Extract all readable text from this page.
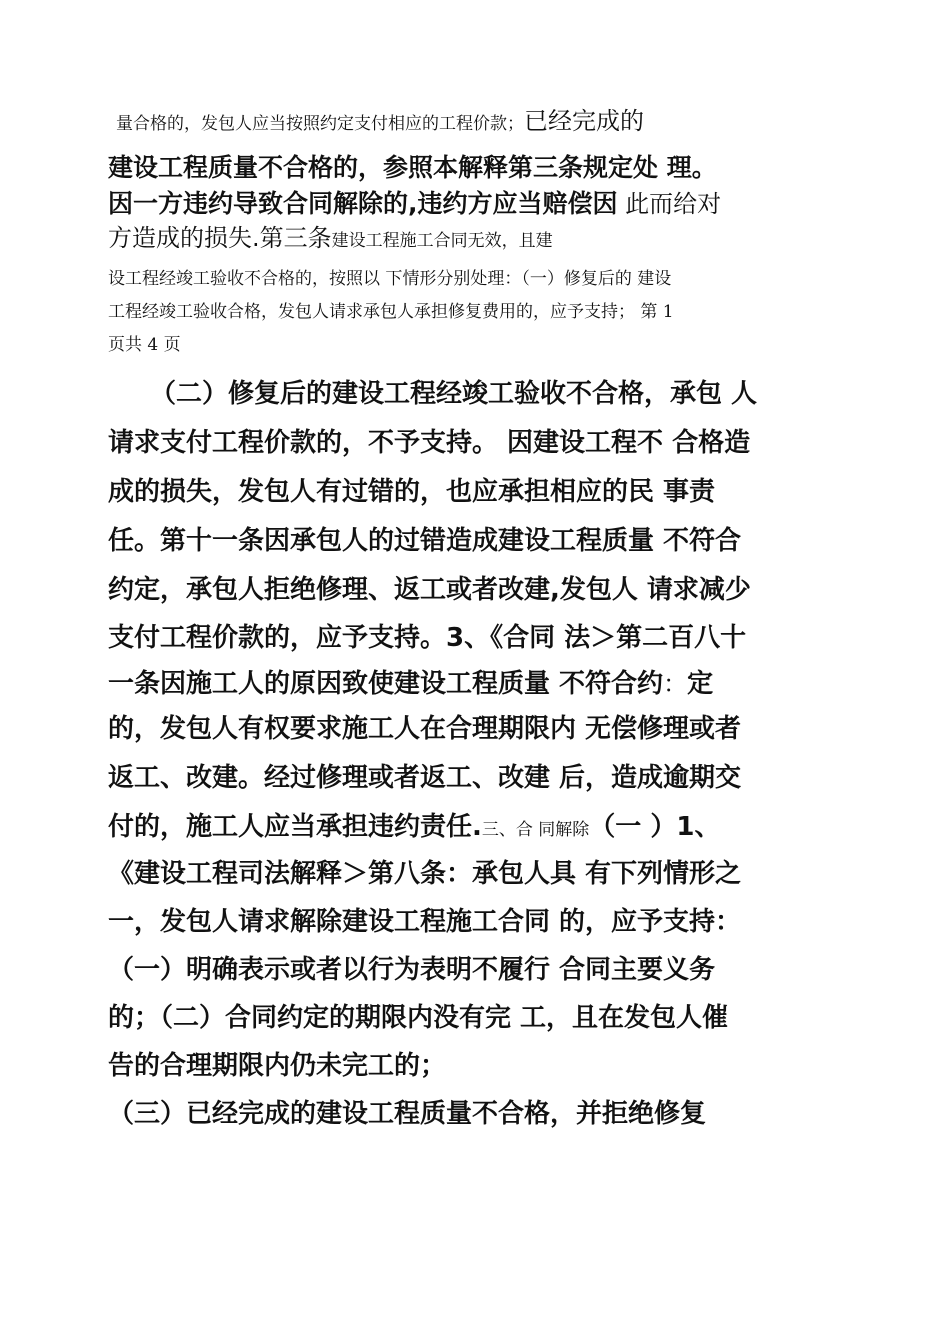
量合格的，发包人应当按照约定支付相应的工程价款；已经完成的
建设工程质量不合格的，参照本解释第三条规定处 理。
因一方违约导致合同解除的,违约方应当赔偿因 此而给对
方造成的损失.第三条建设工程施工合同无效，且建
设工程经竣工验收不合格的，按照以 下情形分别处理：（一）修复后的 建设
工程经竣工验收合格，发包人请求承包人承担修复费用的，应予支持； 第 1
页共 4 页
（二）修复后的建设工程经竣工验收不合格，承包 人
请求支付工程价款的，不予支持。 因建设工程不 合格造
成的损失，发包人有过错的，也应承担相应的民 事责
任。第十一条因承包人的过错造成建设工程质量 不符合
约定，承包人拒绝修理、返工或者改建,发包人 请求减少
支付工程价款的，应予支持。3、《合同 法＞第二百八十
一条因施工人的原因致使建设工程质量 不符合约：定
的，发包人有权要求施工人在合理期限内 无偿修理或者
返工、改建。经过修理或者返工、改建 后，造成逾期交
付的，施工人应当承担违约责任.三、合 同解除（一 ）1、
《建设工程司法解释＞第八条：承包人具 有下列情形之
一，发包人请求解除建设工程施工合同 的，应予支持：
（一）明确表示或者以行为表明不履行 合同主要义务
的；（二）合同约定的期限内没有完 工，且在发包人催
告的合理期限内仍未完工的；
（三）已经完成的建设工程质量不合格，并拒绝修复
